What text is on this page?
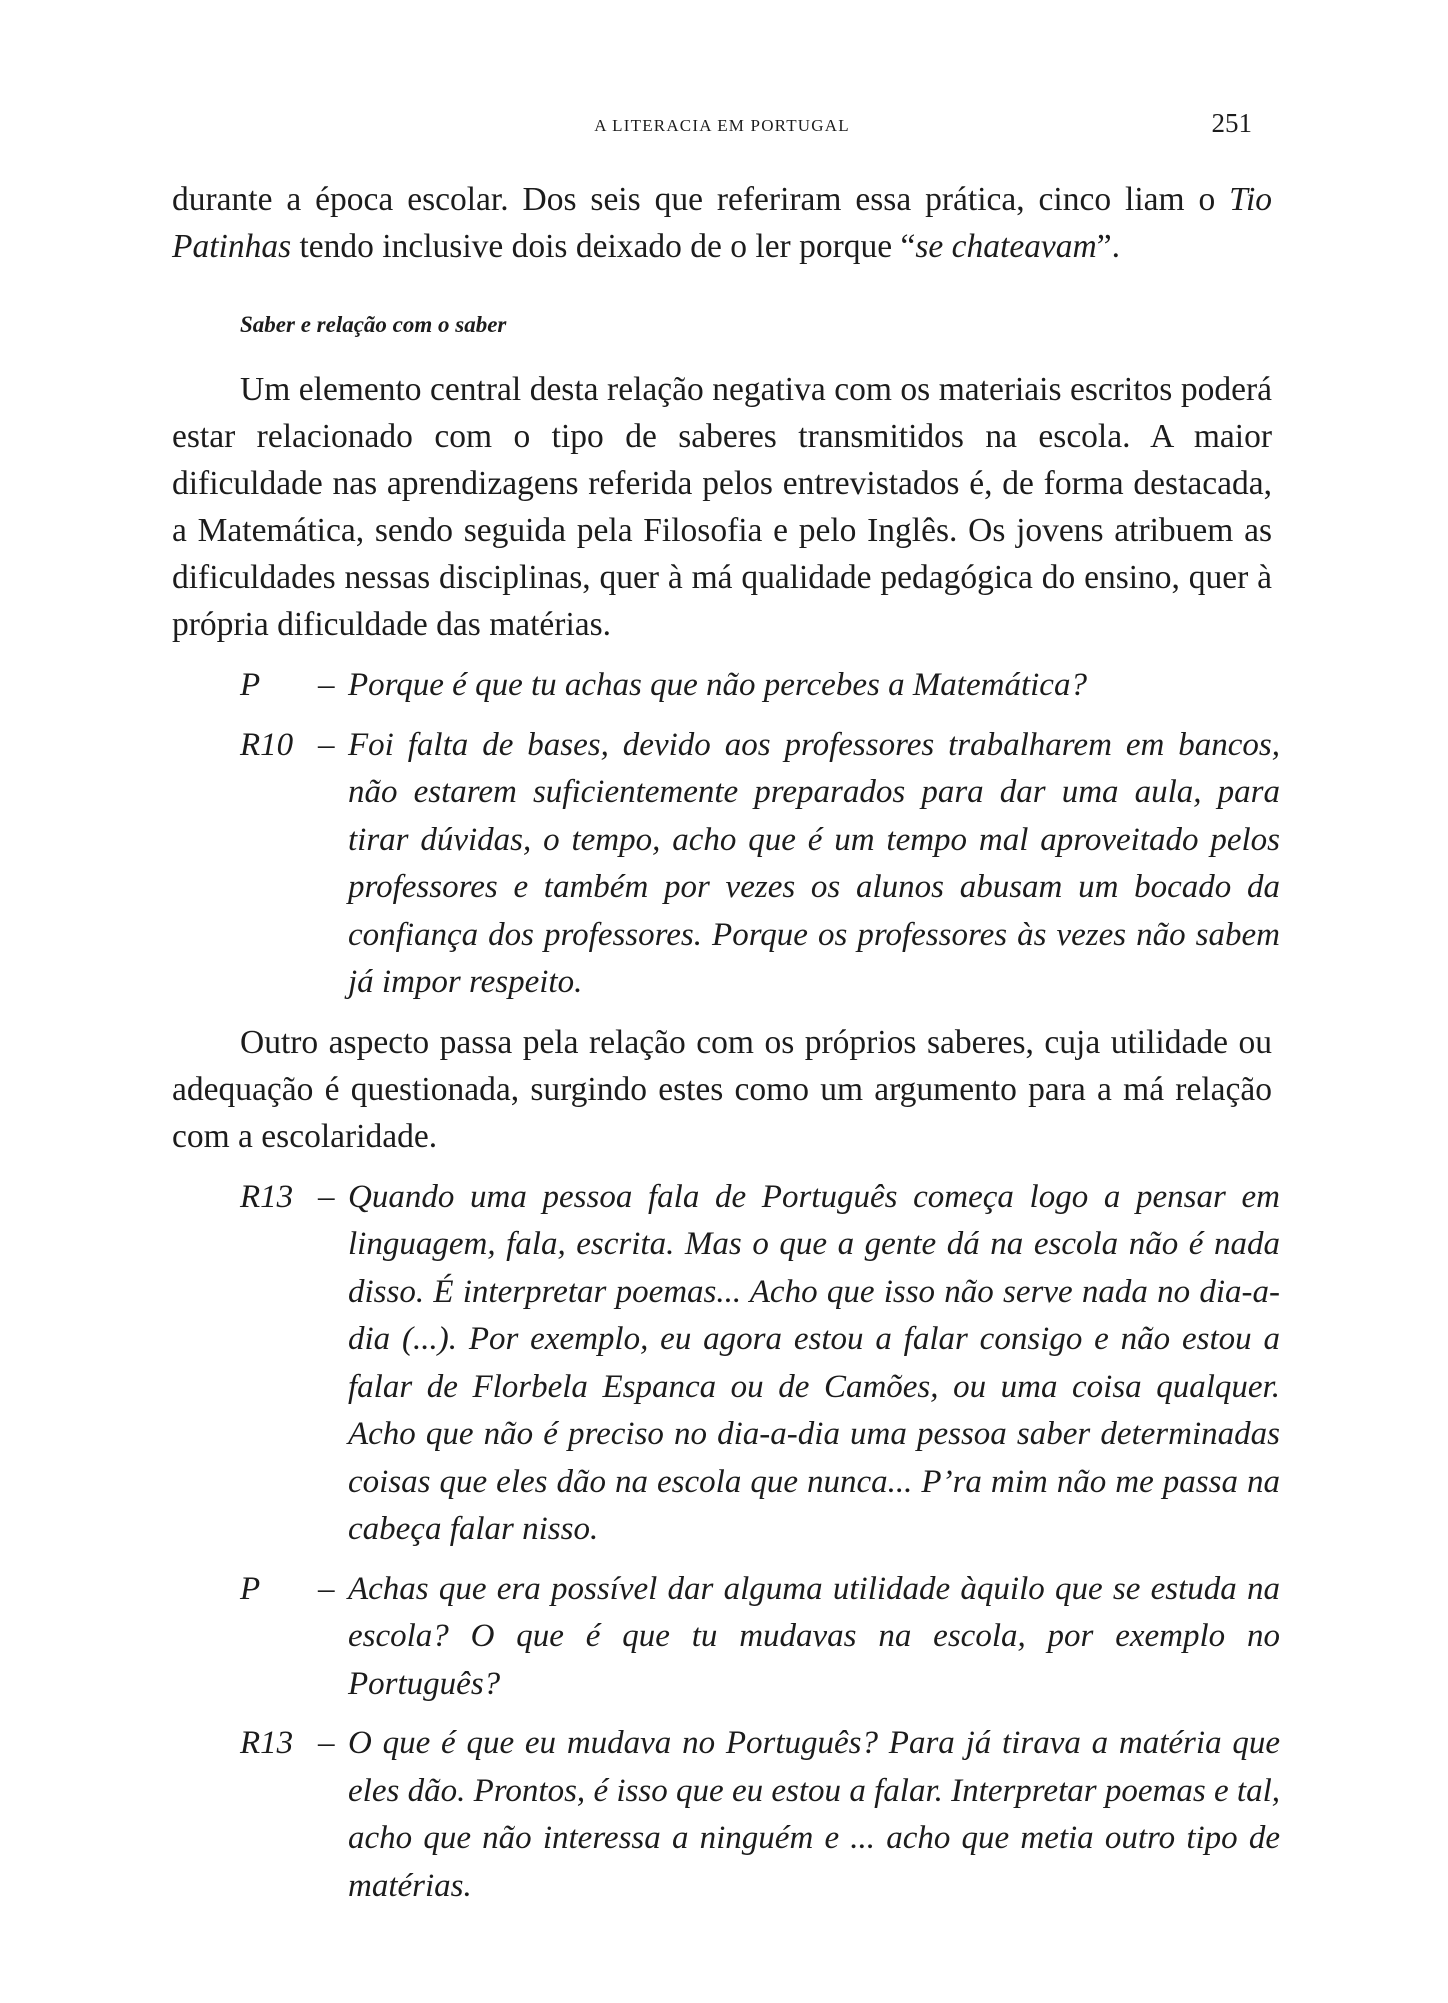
A LITERACIA EM PORTUGAL	251

durante a época escolar. Dos seis que referiram essa prática, cinco liam o Tio Patinhas tendo inclusive dois deixado de o ler porque “se chateavam”.

Saber e relação com o saber

Um elemento central desta relação negativa com os materiais escritos poderá estar relacionado com o tipo de saberes transmitidos na escola. A maior dificuldade nas aprendizagens referida pelos entrevistados é, de forma destacada, a Matemática, sendo seguida pela Filosofia e pelo Inglês. Os jovens atribuem as dificuldades nessas disciplinas, quer à má qualidade pedagógica do ensino, quer à própria dificuldade das matérias.

P	– Porque é que tu achas que não percebes a Matemática?
R10 – Foi falta de bases, devido aos professores trabalharem em bancos, não estarem suficientemente preparados para dar uma aula, para tirar dúvidas, o tempo, acho que é um tempo mal aproveitado pelos professores e também por vezes os alunos abusam um bocado da confiança dos professores. Porque os professores às vezes não sabem já impor respeito.

Outro aspecto passa pela relação com os próprios saberes, cuja utilidade ou adequação é questionada, surgindo estes como um argumento para a má relação com a escolaridade.

R13 – Quando uma pessoa fala de Português começa logo a pensar em linguagem, fala, escrita. Mas o que a gente dá na escola não é nada disso. É interpretar poemas... Acho que isso não serve nada no dia-a-dia (...). Por exemplo, eu agora estou a falar consigo e não estou a falar de Florbela Espanca ou de Camões, ou uma coisa qualquer. Acho que não é preciso no dia-a-dia uma pessoa saber determinadas coisas que eles dão na escola que nunca... P’ra mim não me passa na cabeça falar nisso.
P	– Achas que era possível dar alguma utilidade àquilo que se estuda na escola? O que é que tu mudavas na escola, por exemplo no Português?
R13 – O que é que eu mudava no Português? Para já tirava a matéria que eles dão. Prontos, é isso que eu estou a falar. Interpretar poemas e tal, acho que não interessa a ninguém e ... acho que metia outro tipo de matérias.
